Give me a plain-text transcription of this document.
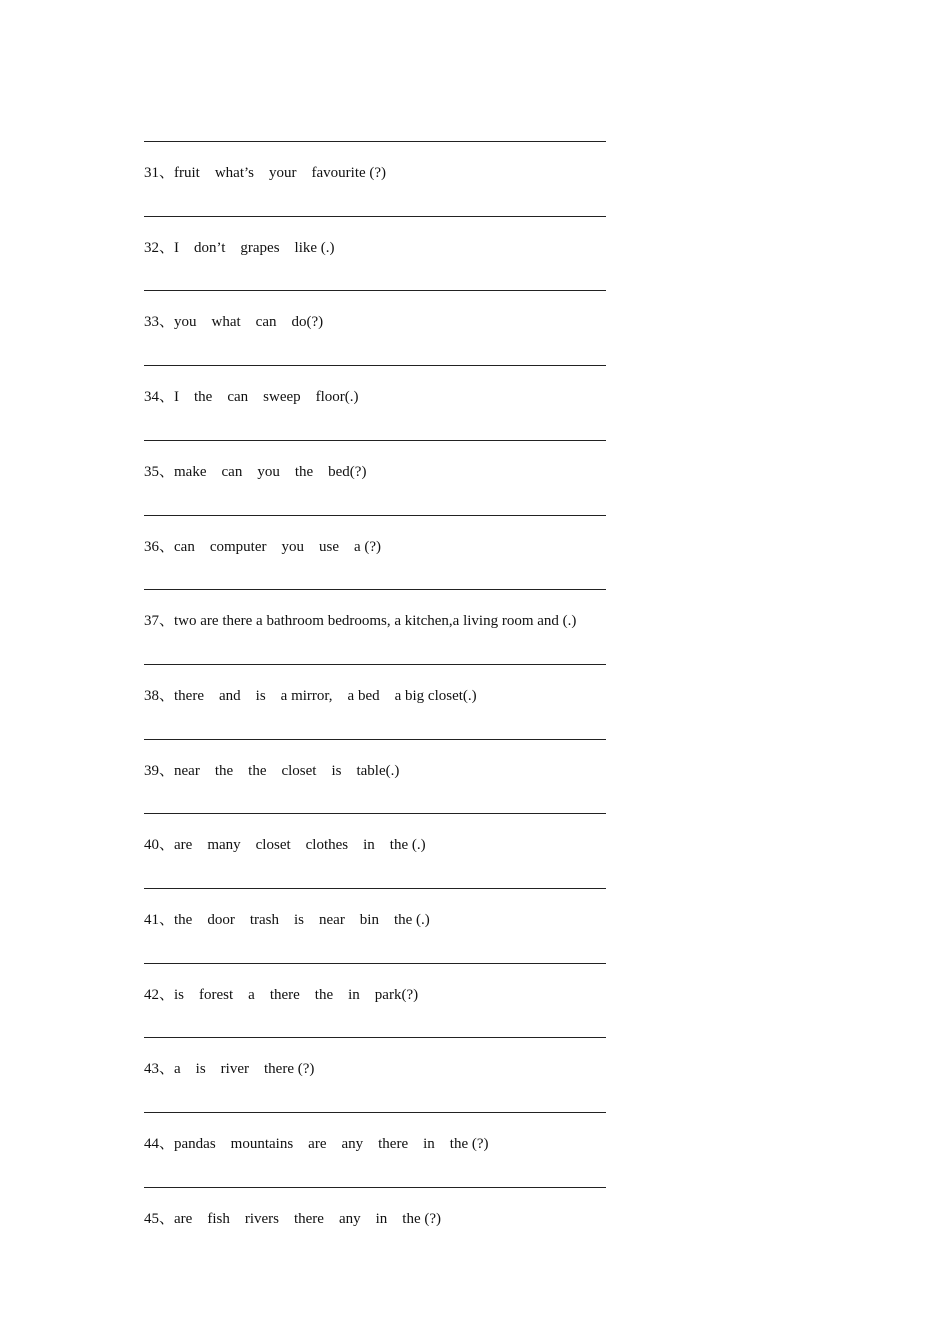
31、fruit    what’s    your    favourite (?)
32、I    don’t    grapes    like (.)
33、you    what    can    do(?)
34、I    the    can    sweep    floor(.)
35、make    can    you    the    bed(?)
36、can    computer    you    use    a (?)
37、two are there a bathroom bedrooms, a kitchen,a living room and (.)
38、there    and    is    a mirror,    a bed    a big closet(.)
39、near    the    the    closet    is    table(.)
40、are    many    closet    clothes    in    the (.)
41、the    door    trash    is    near    bin    the (.)
42、is    forest    a    there    the    in    park(?)
43、a    is    river    there (?)
44、pandas    mountains    are    any    there    in    the (?)
45、are    fish    rivers    there    any    in    the (?)
